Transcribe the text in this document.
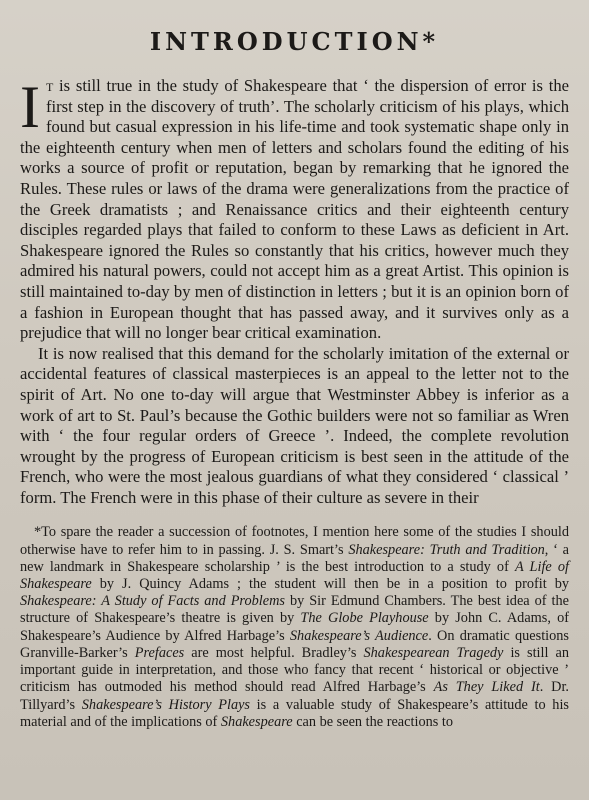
INTRODUCTION*

It is still true in the study of Shakespeare that ‘ the dispersion of error is the first step in the discovery of truth’. The scholarly criticism of his plays, which found but casual expression in his life-time and took systematic shape only in the eighteenth century when men of letters and scholars found the editing of his works a source of profit or reputation, began by remarking that he ignored the Rules. These rules or laws of the drama were generalizations from the practice of the Greek dramatists ; and Renaissance critics and their eighteenth century disciples regarded plays that failed to conform to these Laws as deficient in Art. Shakespeare ignored the Rules so constantly that his critics, however much they admired his natural powers, could not accept him as a great Artist. This opinion is still maintained to-day by men of distinction in letters ; but it is an opinion born of a fashion in European thought that has passed away, and it survives only as a prejudice that will no longer bear critical examination.

It is now realised that this demand for the scholarly imitation of the external or accidental features of classical masterpieces is an appeal to the letter not to the spirit of Art. No one to-day will argue that Westminster Abbey is inferior as a work of art to St. Paul’s because the Gothic builders were not so familiar as Wren with ‘ the four regular orders of Greece ’. Indeed, the complete revolution wrought by the progress of European criticism is best seen in the attitude of the French, who were the most jealous guardians of what they considered ‘ classical ’ form. The French were in this phase of their culture as severe in their

*To spare the reader a succession of footnotes, I mention here some of the studies I should otherwise have to refer him to in passing. J. S. Smart’s Shakespeare: Truth and Tradition, ‘ a new landmark in Shakespeare scholarship ’ is the best introduction to a study of A Life of Shakespeare by J. Quincy Adams ; the student will then be in a position to profit by Shakespeare: A Study of Facts and Problems by Sir Edmund Chambers. The best idea of the structure of Shakespeare’s theatre is given by The Globe Playhouse by John C. Adams, of Shakespeare’s Audience by Alfred Harbage’s Shakespeare’s Audience. On dramatic questions Granville-Barker’s Prefaces are most helpful. Bradley’s Shakespearean Tragedy is still an important guide in interpretation, and those who fancy that recent ‘ historical or objective ’ criticism has outmoded his method should read Alfred Harbage’s As They Liked It. Dr. Tillyard’s Shakespeare’s History Plays is a valuable study of Shakespeare’s attitude to his material and of the implications of Shakespeare can be seen the reactions to
